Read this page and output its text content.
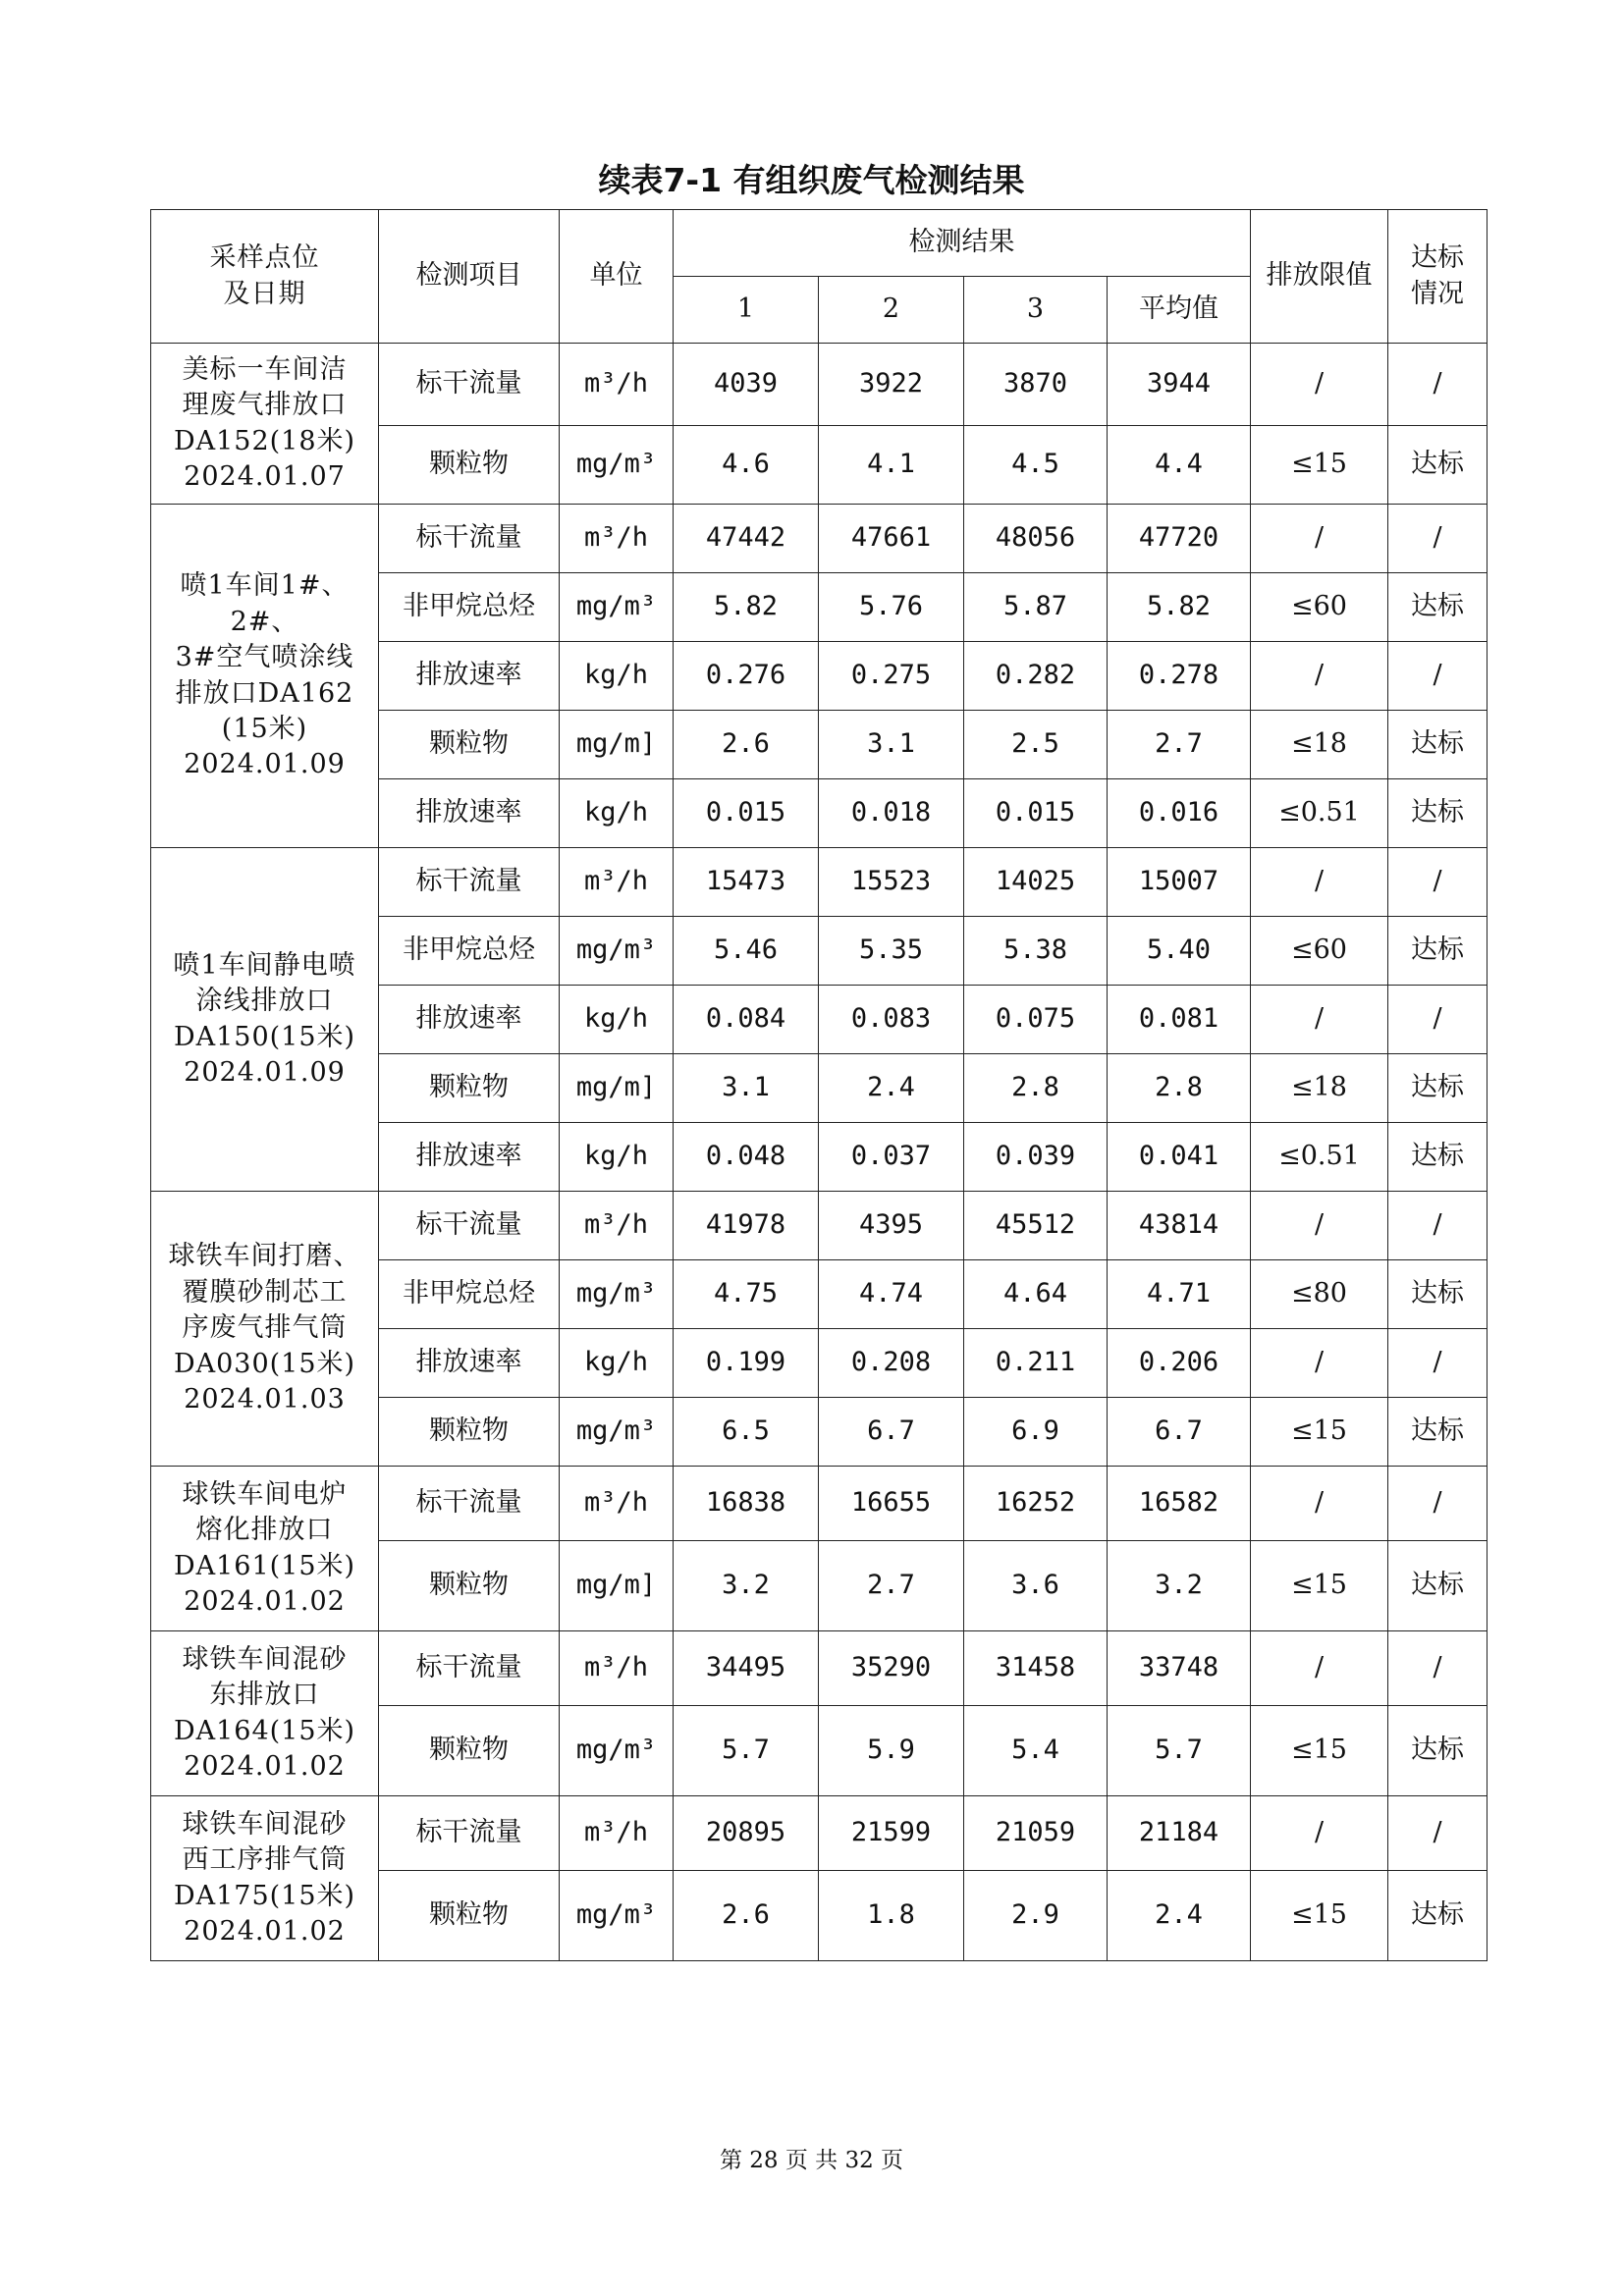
续表7-1 有组织废气检测结果
采样点位
及日期	检测项目	单位	检测结果				排放限值	达标
情况
			1	2	3	平均值		
美标一车间洁
理废气排放口
DA152(18米)
2024.01.07	标干流量	m³/h	4039	3922	3870	3944	/	/
	颗粒物	mg/m³	4.6	4.1	4.5	4.4	≤15	达标
喷1车间1#、2#、
3#空气喷涂线
排放口DA162
(15米)
2024.01.09	标干流量	m³/h	47442	47661	48056	47720	/	/
	非甲烷总烃	mg/m³	5.82	5.76	5.87	5.82	≤60	达标
	排放速率	kg/h	0.276	0.275	0.282	0.278	/	/
	颗粒物	mg/m]	2.6	3.1	2.5	2.7	≤18	达标
	排放速率	kg/h	0.015	0.018	0.015	0.016	≤0.51	达标
喷1车间静电喷
涂线排放口
DA150(15米)
2024.01.09	标干流量	m³/h	15473	15523	14025	15007	/	/
	非甲烷总烃	mg/m³	5.46	5.35	5.38	5.40	≤60	达标
	排放速率	kg/h	0.084	0.083	0.075	0.081	/	/
	颗粒物	mg/m]	3.1	2.4	2.8	2.8	≤18	达标
	排放速率	kg/h	0.048	0.037	0.039	0.041	≤0.51	达标
球铁车间打磨、
覆膜砂制芯工
序废气排气筒
DA030(15米)
2024.01.03	标干流量	m³/h	41978	4395	45512	43814	/	/
	非甲烷总烃	mg/m³	4.75	4.74	4.64	4.71	≤80	达标
	排放速率	kg/h	0.199	0.208	0.211	0.206	/	/
	颗粒物	mg/m³	6.5	6.7	6.9	6.7	≤15	达标
球铁车间电炉
熔化排放口
DA161(15米)
2024.01.02	标干流量	m³/h	16838	16655	16252	16582	/	/
	颗粒物	mg/m]	3.2	2.7	3.6	3.2	≤15	达标
球铁车间混砂
东排放口
DA164(15米)
2024.01.02	标干流量	m³/h	34495	35290	31458	33748	/	/
	颗粒物	mg/m³	5.7	5.9	5.4	5.7	≤15	达标
球铁车间混砂
西工序排气筒
DA175(15米)
2024.01.02	标干流量	m³/h	20895	21599	21059	21184	/	/
	颗粒物	mg/m³	2.6	1.8	2.9	2.4	≤15	达标
第 28 页 共 32 页
